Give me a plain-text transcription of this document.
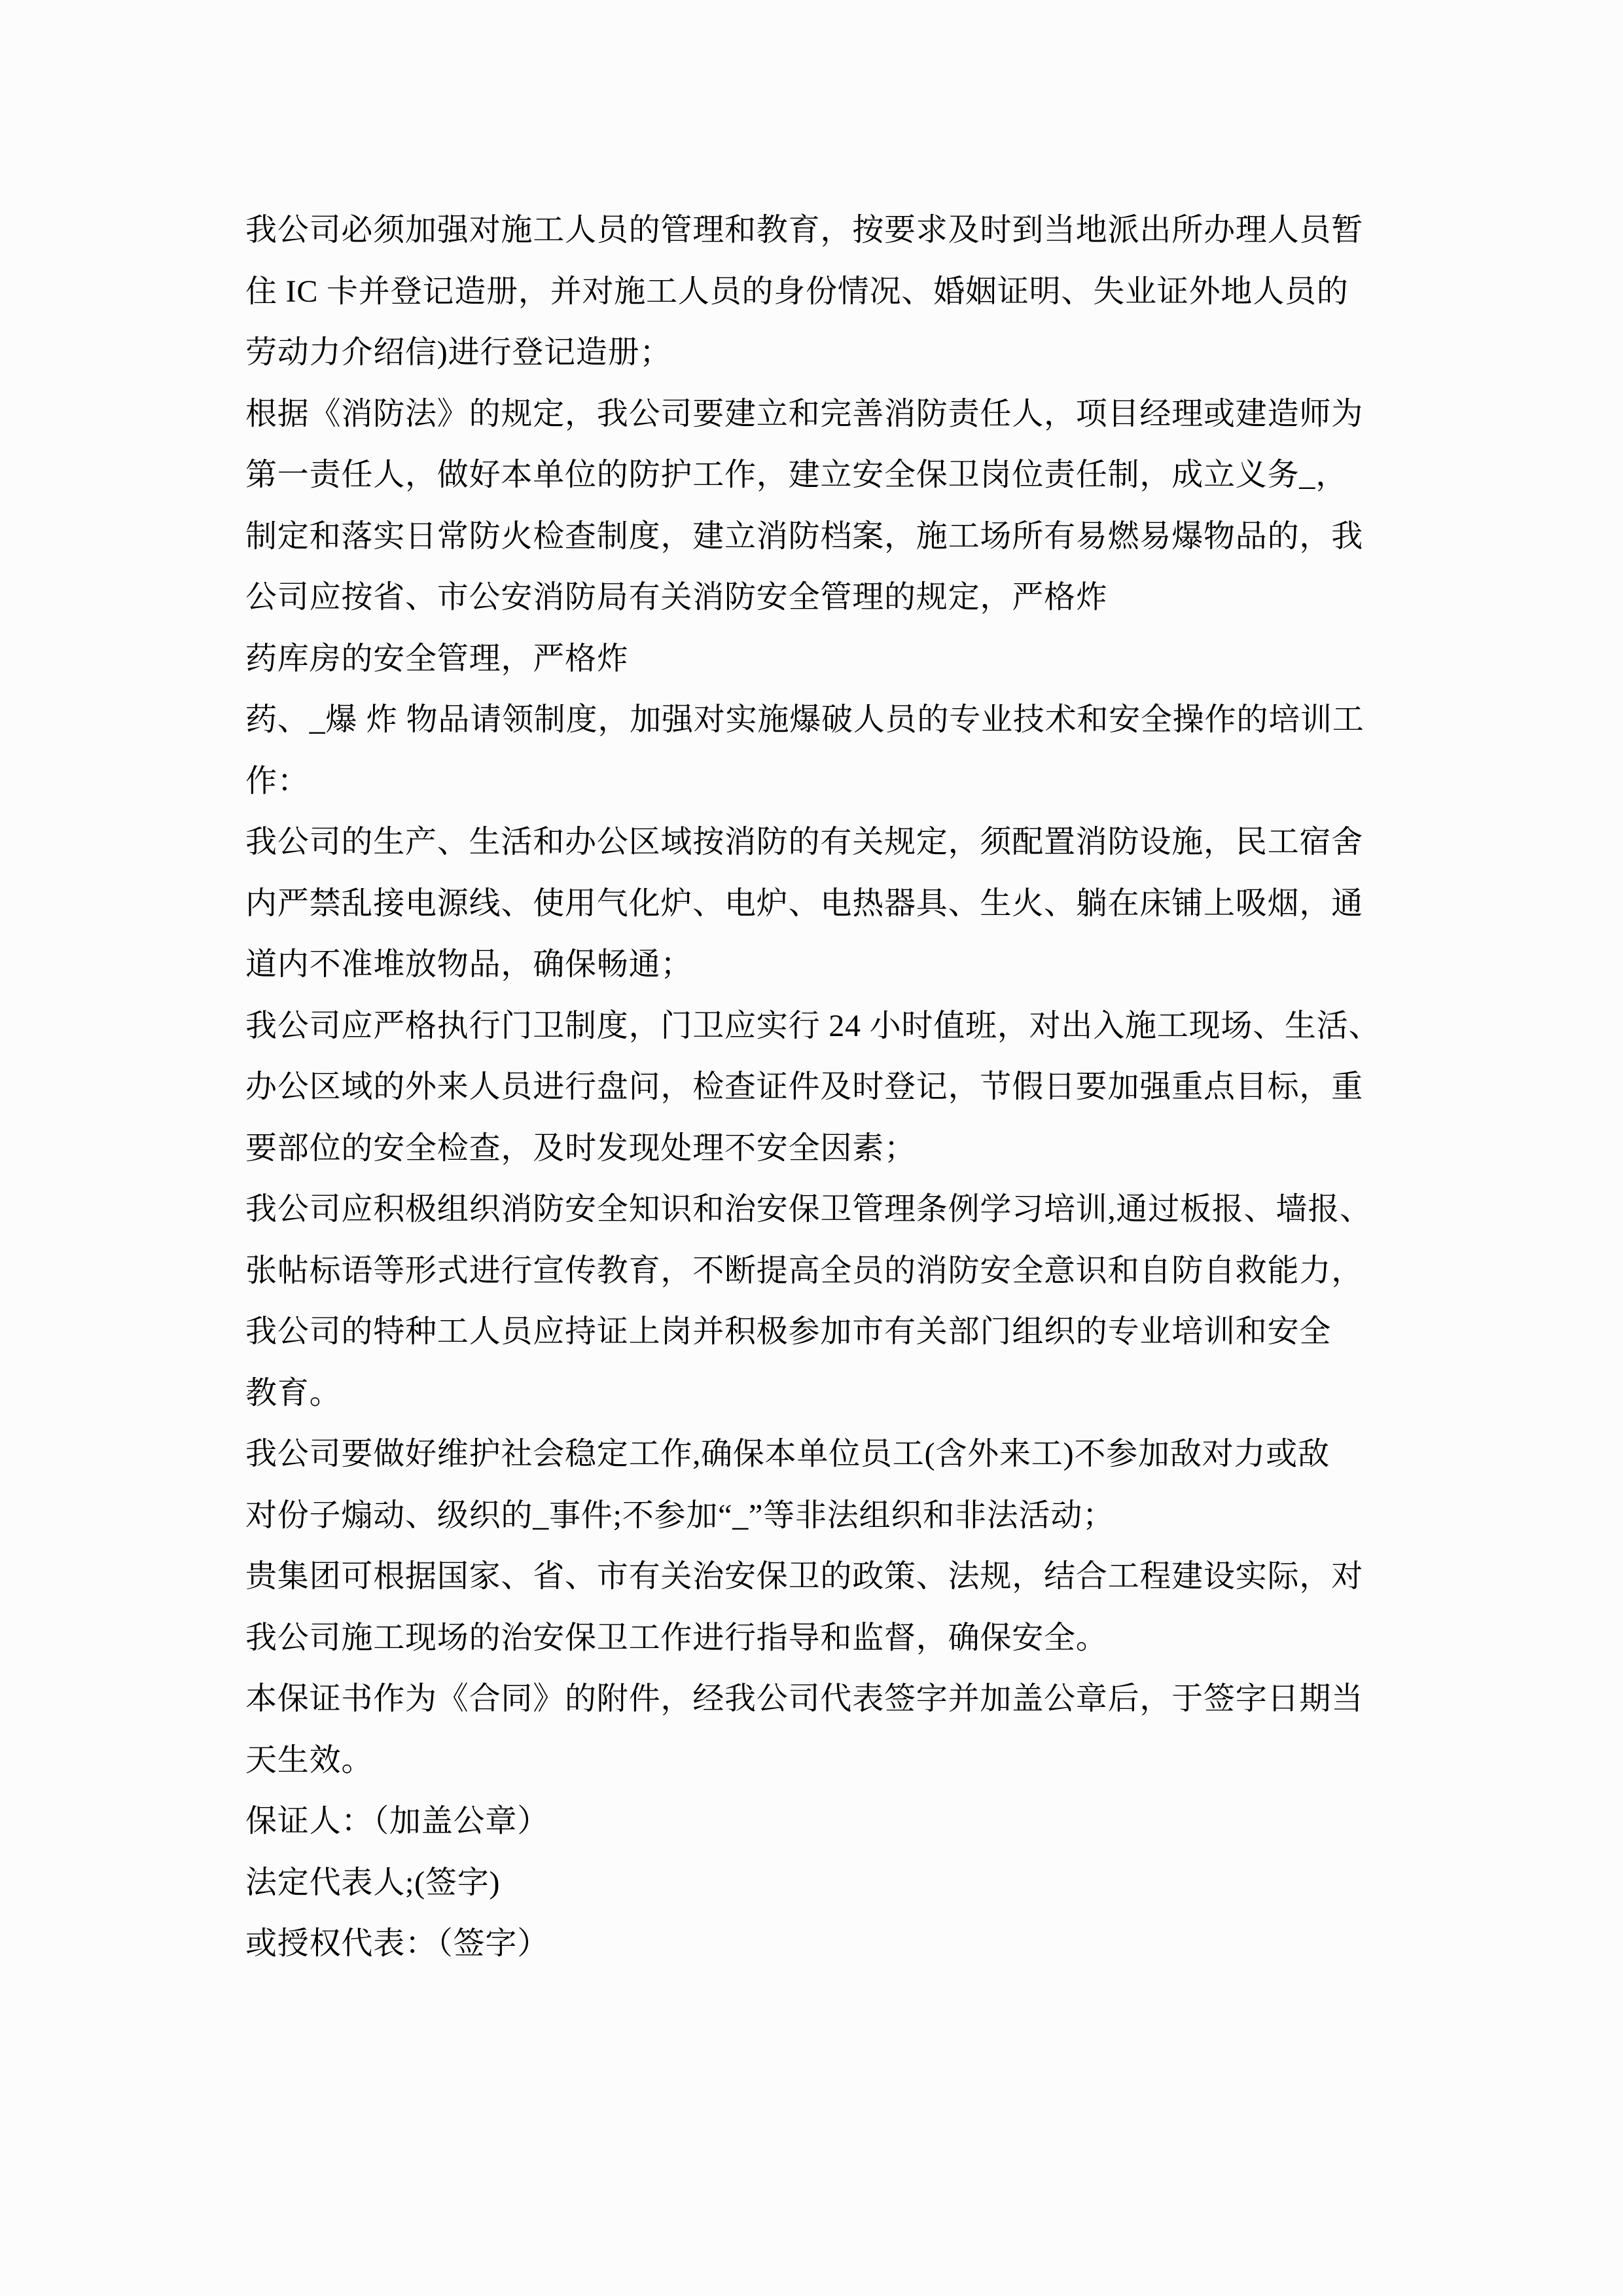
我公司必须加强对施工人员的管理和教育，按要求及时到当地派出所办理人员暂
住 IC 卡并登记造册，并对施工人员的身份情况、婚姻证明、失业证外地人员的
劳动力介绍信)进行登记造册；
根据《消防法》的规定，我公司要建立和完善消防责任人，项目经理或建造师为
第一责任人，做好本单位的防护工作，建立安全保卫岗位责任制，成立义务_，
制定和落实日常防火检查制度，建立消防档案，施工场所有易燃易爆物品的，我
公司应按省、市公安消防局有关消防安全管理的规定，严格炸
药库房的安全管理，严格炸
药、_爆 炸 物品请领制度，加强对实施爆破人员的专业技术和安全操作的培训工
作：
我公司的生产、生活和办公区域按消防的有关规定，须配置消防设施，民工宿舍
内严禁乱接电源线、使用气化炉、电炉、电热器具、生火、躺在床铺上吸烟，通
道内不准堆放物品，确保畅通；
我公司应严格执行门卫制度，门卫应实行 24 小时值班，对出入施工现场、生活、
办公区域的外来人员进行盘问，检查证件及时登记，节假日要加强重点目标，重
要部位的安全检查，及时发现处理不安全因素；
我公司应积极组织消防安全知识和治安保卫管理条例学习培训,通过板报、墙报、
张帖标语等形式进行宣传教育，不断提高全员的消防安全意识和自防自救能力，
我公司的特种工人员应持证上岗并积极参加市有关部门组织的专业培训和安全
教育。
我公司要做好维护社会稳定工作,确保本单位员工(含外来工)不参加敌对力或敌
对份子煽动、级织的_事件;不参加“_”等非法组织和非法活动；
贵集团可根据国家、省、市有关治安保卫的政策、法规，结合工程建设实际，对
我公司施工现场的治安保卫工作进行指导和监督，确保安全。
本保证书作为《合同》的附件，经我公司代表签字并加盖公章后，于签字日期当
天生效。
保证人：（加盖公章）
法定代表人;(签字)
或授权代表：（签字）
